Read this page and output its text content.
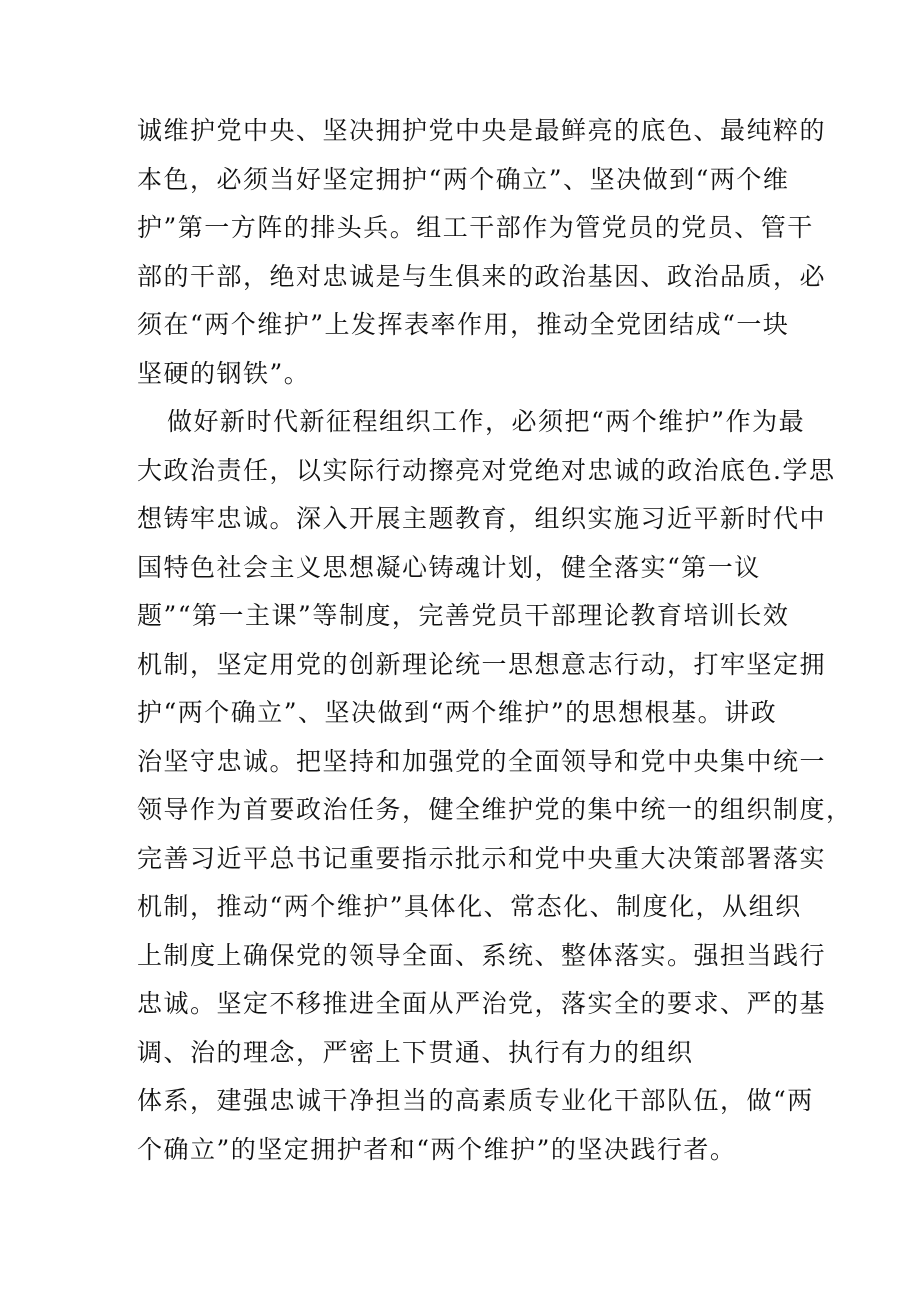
诚维护党中央、坚决拥护党中央是最鲜亮的底色、最纯粹的
本色，必须当好坚定拥护“两个确立”、坚决做到“两个维
护”第一方阵的排头兵。组工干部作为管党员的党员、管干
部的干部，绝对忠诚是与生俱来的政治基因、政治品质，必
须在“两个维护”上发挥表率作用，推动全党团结成“一块
坚硬的钢铁”。
做好新时代新征程组织工作，必须把“两个维护”作为最
大政治责任，以实际行动擦亮对党绝对忠诚的政治底色.学思
想铸牢忠诚。深入开展主题教育，组织实施习近平新时代中
国特色社会主义思想凝心铸魂计划，健全落实“第一议
题”“第一主课”等制度，完善党员干部理论教育培训长效
机制，坚定用党的创新理论统一思想意志行动，打牢坚定拥
护“两个确立”、坚决做到“两个维护”的思想根基。讲政
治坚守忠诚。把坚持和加强党的全面领导和党中央集中统一
领导作为首要政治任务，健全维护党的集中统一的组织制度，
完善习近平总书记重要指示批示和党中央重大决策部署落实
机制，推动“两个维护”具体化、常态化、制度化，从组织
上制度上确保党的领导全面、系统、整体落实。强担当践行
忠诚。坚定不移推进全面从严治党，落实全的要求、严的基
调、治的理念，严密上下贯通、执行有力的组织
体系，建强忠诚干净担当的高素质专业化干部队伍，做“两
个确立”的坚定拥护者和“两个维护”的坚决践行者。
